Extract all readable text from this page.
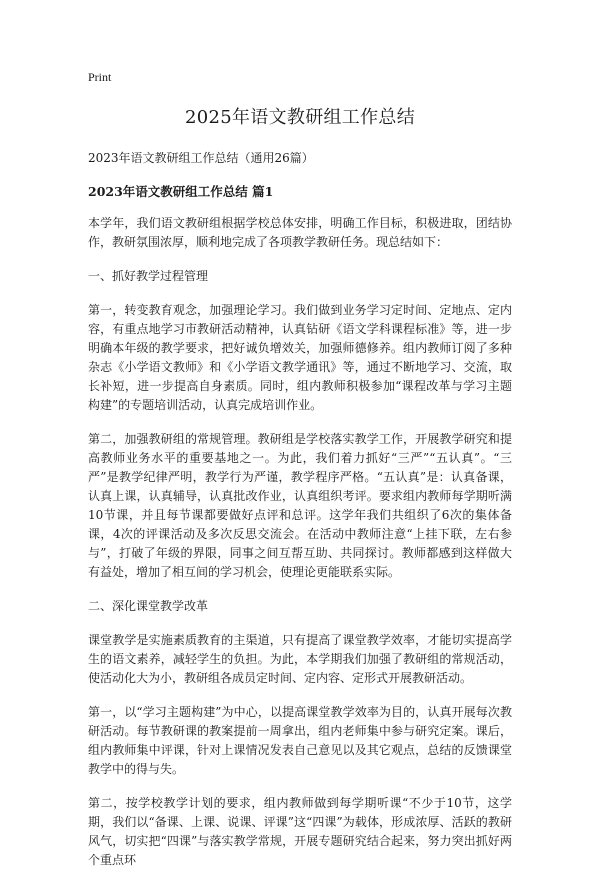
Print
2025年语文教研组工作总结
2023年语文教研组工作总结（通用26篇）
2023年语文教研组工作总结 篇1

本学年，我们语文教研组根据学校总体安排，明确工作目标，积极进取，团结协作，教研氛围浓厚，顺利地完成了各项教学教研任务。现总结如下：

一、抓好教学过程管理

第一，转变教育观念，加强理论学习。我们做到业务学习定时间、定地点、定内容，有重点地学习市教研活动精神，认真钻研《语文学科课程标准》等，进一步明确本年级的教学要求，把好诚负增效关，加强师德修养。组内教师订阅了多种杂志《小学语文教师》和《小学语文教学通讯》等，通过不断地学习、交流，取长补短，进一步提高自身素质。同时，组内教师积极参加“课程改革与学习主题构建”的专题培训活动，认真完成培训作业。

第二，加强教研组的常规管理。教研组是学校落实教学工作，开展教学研究和提高教师业务水平的重要基地之一。为此，我们着力抓好“三严”“五认真”。“三严”是教学纪律严明，教学行为严谨，教学程序严格。“五认真”是：认真备课，认真上课，认真辅导，认真批改作业，认真组织考评。要求组内教师每学期听满10节课，并且每节课都要做好点评和总评。这学年我们共组织了6次的集体备课，4次的评课活动及多次反思交流会。在活动中教师注意“上挂下联，左右参与”，打破了年级的界限，同事之间互帮互助、共同探讨。教师都感到这样做大有益处，增加了相互间的学习机会，使理论更能联系实际。

二、深化课堂教学改革

课堂教学是实施素质教育的主渠道，只有提高了课堂教学效率，才能切实提高学生的语文素养，减轻学生的负担。为此，本学期我们加强了教研组的常规活动，使活动化大为小，教研组各成员定时间、定内容、定形式开展教研活动。

第一，以“学习主题构建”为中心，以提高课堂教学效率为目的，认真开展每次教研活动。每节教研课的教案提前一周拿出，组内老师集中参与研究定案。课后，组内教师集中评课，针对上课情况发表自己意见以及其它观点，总结的反馈课堂教学中的得与失。

第二，按学校教学计划的要求，组内教师做到每学期听课“不少于10节，这学期，我们以“备课、上课、说课、评课”这“四课”为载体，形成浓厚、活跃的教研风气，切实把“四课”与落实教学常规，开展专题研究结合起来，努力突出抓好两个重点环
